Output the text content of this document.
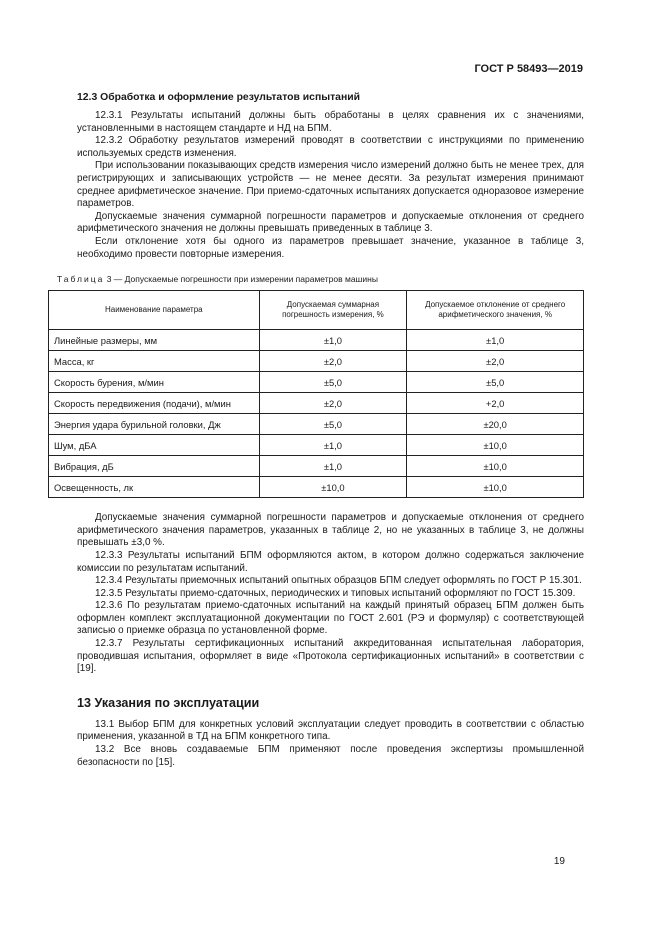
ГОСТ Р 58493—2019
12.3 Обработка и оформление результатов испытаний

12.3.1 Результаты испытаний должны быть обработаны в целях сравнения их с значениями, установленными в настоящем стандарте и НД на БПМ.

12.3.2 Обработку результатов измерений проводят в соответствии с инструкциями по применению используемых средств изменения.

При использовании показывающих средств измерения число измерений должно быть не менее трех, для регистрирующих и записывающих устройств — не менее десяти. За результат измерения принимают среднее арифметическое значение. При приемо-сдаточных испытаниях допускается одноразовое измерение параметров.

Допускаемые значения суммарной погрешности параметров и допускаемые отклонения от среднего арифметического значения не должны превышать приведенных в таблице 3.

Если отклонение хотя бы одного из параметров превышает значение, указанное в таблице 3, необходимо провести повторные измерения.

Таблица 3 — Допускаемые погрешности при измерении параметров машины
Наименование параметра	Допускаемая суммарная погрешность измерения, %	Допускаемое отклонение от среднего арифметического значения, %
Линейные размеры, мм	±1,0	±1,0
Масса, кг	±2,0	±2,0
Скорость бурения, м/мин	±5,0	±5,0
Скорость передвижения (подачи), м/мин	±2,0	+2,0
Энергия удара бурильной головки, Дж	±5,0	±20,0
Шум, дБА	±1,0	±10,0
Вибрация, дБ	±1,0	±10,0
Освещенность, лк	±10,0	±10,0

Допускаемые значения суммарной погрешности параметров и допускаемые отклонения от среднего арифметического значения параметров, указанных в таблице 2, но не указанных в таблице 3, не должны превышать ±3,0 %.

12.3.3 Результаты испытаний БПМ оформляются актом, в котором должно содержаться заключение комиссии по результатам испытаний.

12.3.4 Результаты приемочных испытаний опытных образцов БПМ следует оформлять по ГОСТ Р 15.301.

12.3.5 Результаты приемо-сдаточных, периодических и типовых испытаний оформляют по ГОСТ 15.309.

12.3.6 По результатам приемо-сдаточных испытаний на каждый принятый образец БПМ должен быть оформлен комплект эксплуатационной документации по ГОСТ 2.601 (РЭ и формуляр) с соответствующей записью о приемке образца по установленной форме.

12.3.7 Результаты сертификационных испытаний аккредитованная испытательная лаборатория, проводившая испытания, оформляет в виде «Протокола сертификационных испытаний» в соответствии с [19].

13 Указания по эксплуатации

13.1 Выбор БПМ для конкретных условий эксплуатации следует проводить в соответствии с областью применения, указанной в ТД на БПМ конкретного типа.

13.2 Все вновь создаваемые БПМ применяют после проведения экспертизы промышленной безопасности по [15].

19
